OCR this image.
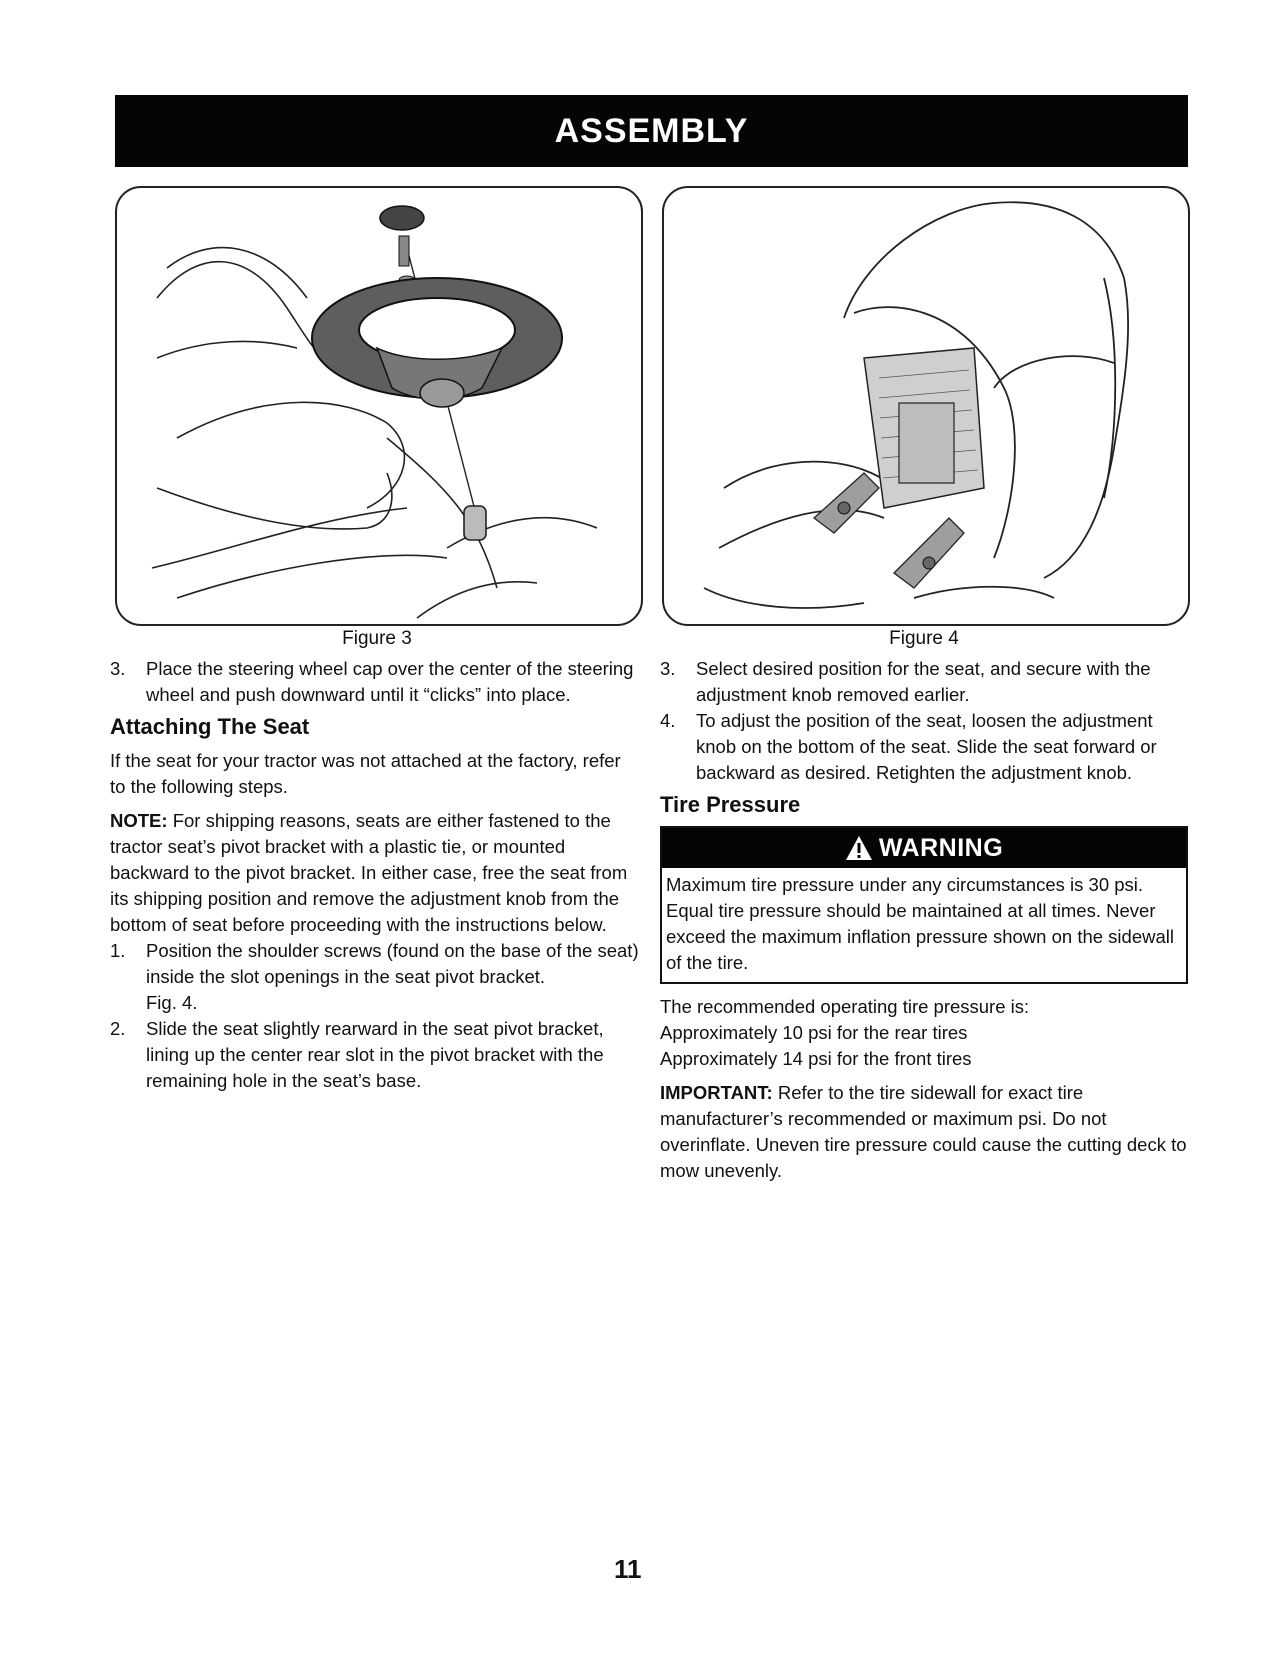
ASSEMBLY
Figure 3	Figure 4
3. Place the steering wheel cap over the center of the steering wheel and push downward until it “clicks” into place.

Attaching The Seat

If the seat for your tractor was not attached at the factory, refer to the following steps.

NOTE: For shipping reasons, seats are either fastened to the tractor seat’s pivot bracket with a plastic tie, or mounted backward to the pivot bracket. In either case, free the seat from its shipping position and remove the adjustment knob from the bottom of seat before proceeding with the instructions below.

1. Position the shoulder screws (found on the base of the seat) inside the slot openings in the seat pivot bracket.

Fig. 4.

2. Slide the seat slightly rearward in the seat pivot bracket, lining up the center rear slot in the pivot bracket with the remaining hole in the seat’s base.

3. Select desired position for the seat, and secure with the adjustment knob removed earlier.

4. To adjust the position of the seat, loosen the adjustment knob on the bottom of the seat. Slide the seat forward or backward as desired. Retighten the adjustment knob.

Tire Pressure
WARNING
Maximum tire pressure under any circumstances is 30 psi. Equal tire pressure should be maintained at all times. Never exceed the maximum inflation pressure shown on the sidewall of the tire.

The recommended operating tire pressure is:

Approximately 10 psi for the rear tires

Approximately 14 psi for the front tires

IMPORTANT: Refer to the tire sidewall for exact tire manufacturer’s recommended or maximum psi. Do not overinflate. Uneven tire pressure could cause the cutting deck to mow unevenly.

11
